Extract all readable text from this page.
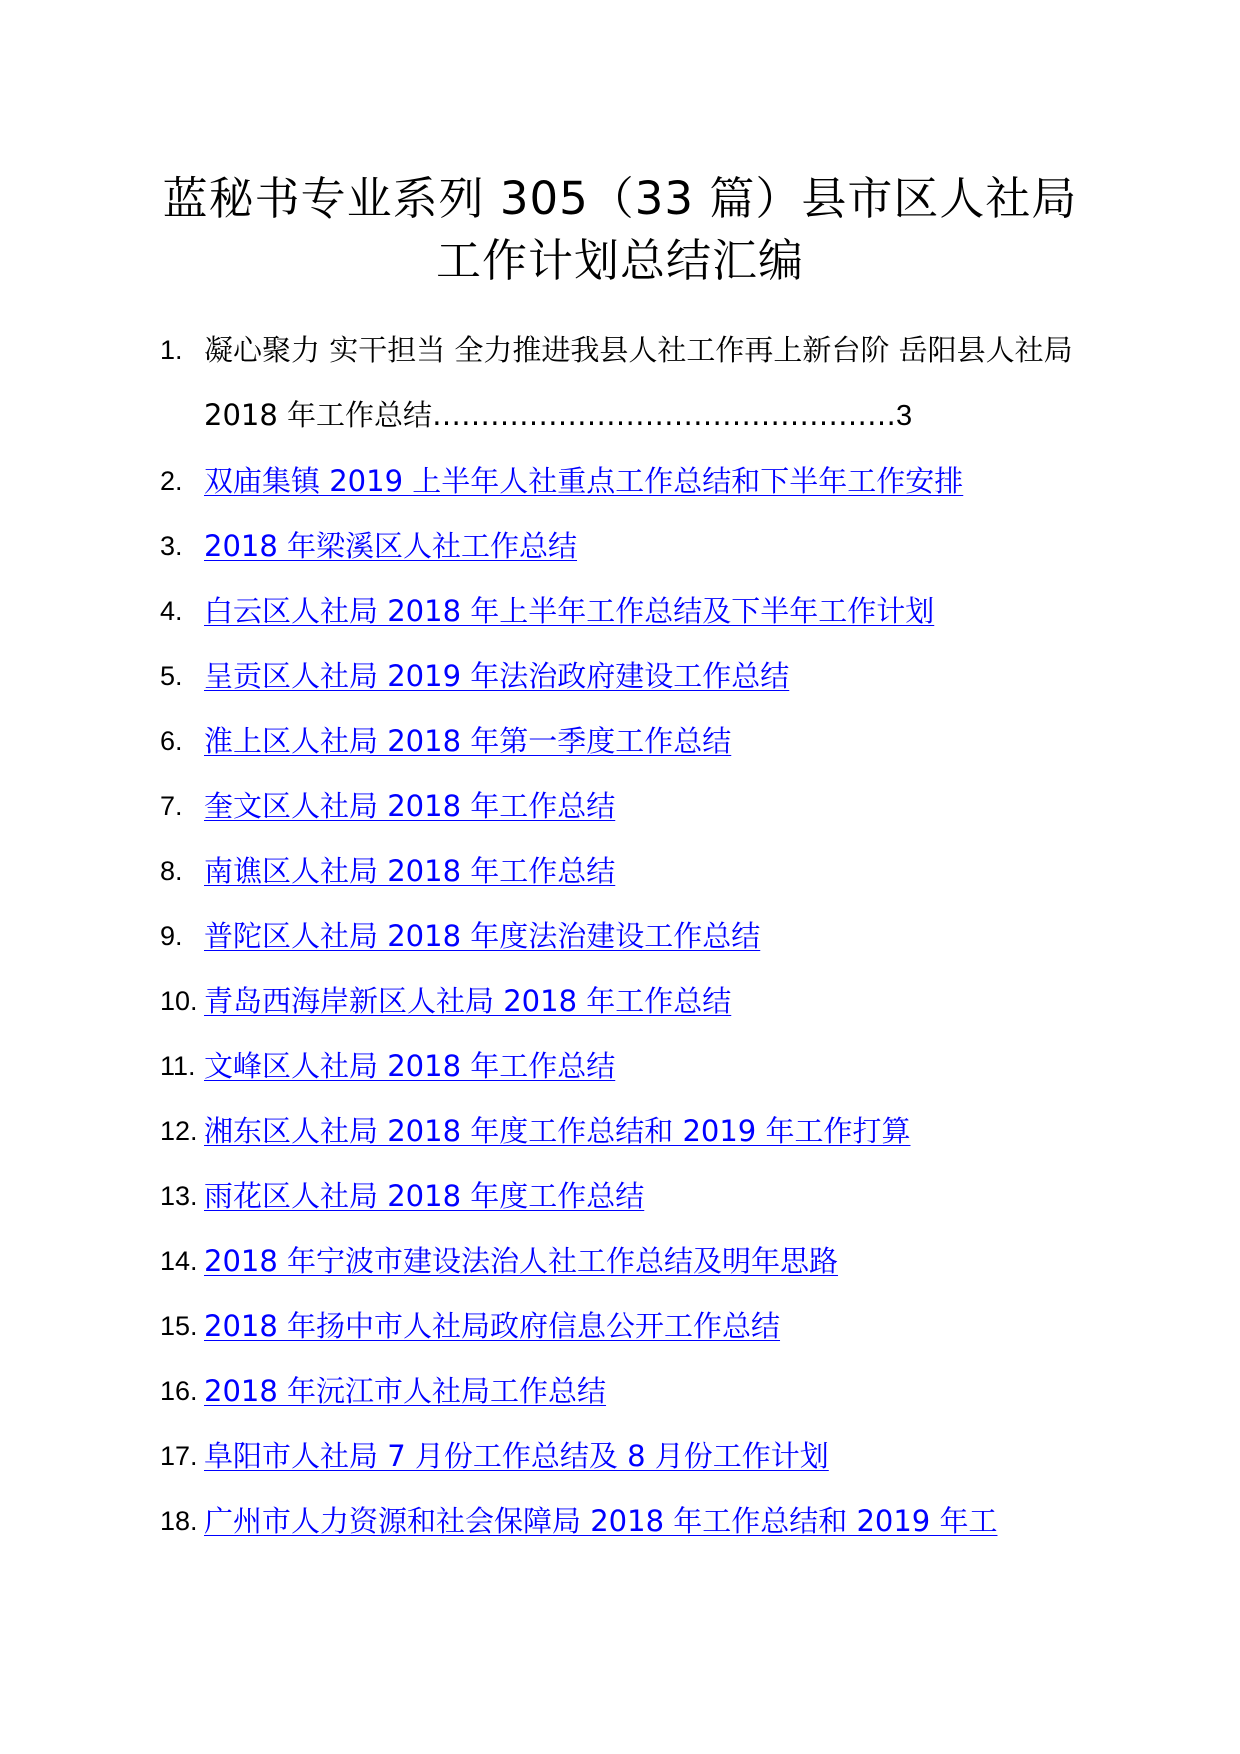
蓝秘书专业系列 305（33 篇）县市区人社局
工作计划总结汇编
1. 凝心聚力 实干担当 全力推进我县人社工作再上新台阶 岳阳县人社局 2018 年工作总结…………………………………………3
2. 双庙集镇 2019 上半年人社重点工作总结和下半年工作安排
3. 2018 年梁溪区人社工作总结
4. 白云区人社局 2018 年上半年工作总结及下半年工作计划
5. 呈贡区人社局 2019 年法治政府建设工作总结
6. 淮上区人社局 2018 年第一季度工作总结
7. 奎文区人社局 2018 年工作总结
8. 南谯区人社局 2018 年工作总结
9. 普陀区人社局 2018 年度法治建设工作总结
10. 青岛西海岸新区人社局 2018 年工作总结
11. 文峰区人社局 2018 年工作总结
12. 湘东区人社局 2018 年度工作总结和 2019 年工作打算
13. 雨花区人社局 2018 年度工作总结
14. 2018 年宁波市建设法治人社工作总结及明年思路
15. 2018 年扬中市人社局政府信息公开工作总结
16. 2018 年沅江市人社局工作总结
17. 阜阳市人社局 7 月份工作总结及 8 月份工作计划
18. 广州市人力资源和社会保障局 2018 年工作总结和 2019 年工
